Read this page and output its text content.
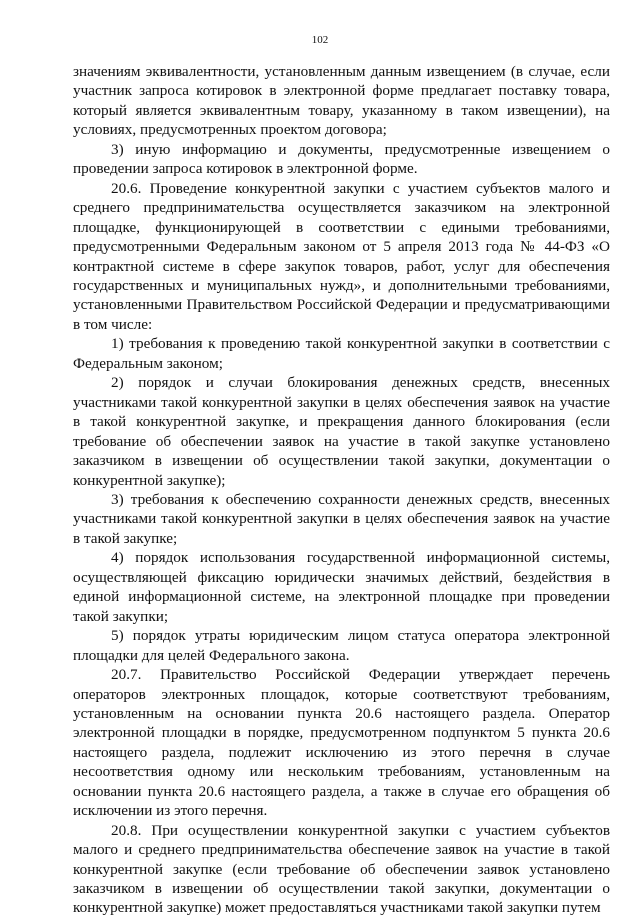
102

значениям эквивалентности, установленным данным извещением (в случае, если участник запроса котировок в электронной форме предлагает поставку товара, который является эквивалентным товару, указанному в таком извещении), на условиях, предусмотренных проектом договора;

3) иную информацию и документы, предусмотренные извещением о проведении запроса котировок в электронной форме.

20.6. Проведение конкурентной закупки с участием субъектов малого и среднего предпринимательства осуществляется заказчиком на электронной площадке, функционирующей в соответствии с едиными требованиями, предусмотренными Федеральным законом от 5 апреля 2013 года № 44-ФЗ «О контрактной системе в сфере закупок товаров, работ, услуг для обеспечения государственных и муниципальных нужд», и дополнительными требованиями, установленными Правительством Российской Федерации и предусматривающими в том числе:

1) требования к проведению такой конкурентной закупки в соответствии с Федеральным законом;

2) порядок и случаи блокирования денежных средств, внесенных участниками такой конкурентной закупки в целях обеспечения заявок на участие в такой конкурентной закупке, и прекращения данного блокирования (если требование об обеспечении заявок на участие в такой закупке установлено заказчиком в извещении об осуществлении такой закупки, документации о конкурентной закупке);

3) требования к обеспечению сохранности денежных средств, внесенных участниками такой конкурентной закупки в целях обеспечения заявок на участие в такой закупке;

4) порядок использования государственной информационной системы, осуществляющей фиксацию юридически значимых действий, бездействия в единой информационной системе, на электронной площадке при проведении такой закупки;

5) порядок утраты юридическим лицом статуса оператора электронной площадки для целей Федерального закона.

20.7. Правительство Российской Федерации утверждает перечень операторов электронных площадок, которые соответствуют требованиям, установленным на основании пункта 20.6 настоящего раздела. Оператор электронной площадки в порядке, предусмотренном подпунктом 5 пункта 20.6 настоящего раздела, подлежит исключению из этого перечня в случае несоответствия одному или нескольким требованиям, установленным на основании пункта 20.6 настоящего раздела, а также в случае его обращения об исключении из этого перечня.

20.8. При осуществлении конкурентной закупки с участием субъектов малого и среднего предпринимательства обеспечение заявок на участие в такой конкурентной закупке (если требование об обеспечении заявок установлено заказчиком в извещении об осуществлении такой закупки, документации о конкурентной закупке) может предоставляться участниками такой закупки путем
